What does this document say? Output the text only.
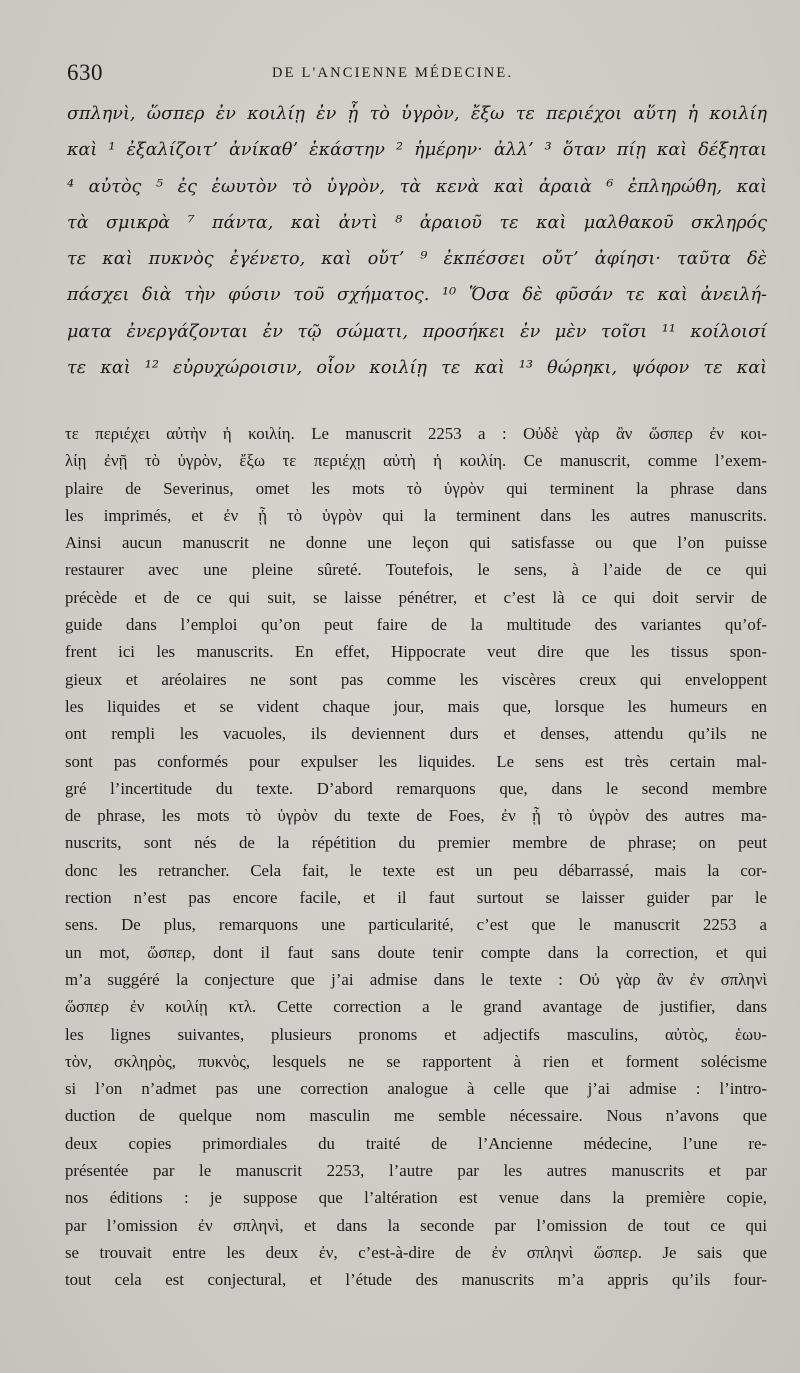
630	DE L'ANCIENNE MÉDECINE.
σπληνὶ, ὥσπερ ἐν κοιλίῃ ἐν ᾗ τὸ ὑγρὸν, ἔξω τε περιέχοι αὕτη ἡ κοιλίη
καὶ ¹ ἐξαλίζοιτ’ ἀνίκαθ’ ἑκάστην ² ἡμέρην· ἀλλ’ ³ ὅταν πίῃ καὶ δέξηται
⁴ αὐτὸς ⁵ ἐς ἑωυτὸν τὸ ὑγρὸν, τὰ κενὰ καὶ ἀραιὰ ⁶ ἐπληρώθη, καὶ
τὰ σμικρὰ ⁷ πάντα, καὶ ἀντὶ ⁸ ἀραιοῦ τε καὶ μαλθακοῦ σκληρός
τε καὶ πυκνὸς ἐγένετο, καὶ οὔτ’ ⁹ ἐκπέσσει οὔτ’ ἀφίησι· ταῦτα δὲ
πάσχει διὰ τὴν φύσιν τοῦ σχήματος. ¹⁰ Ὅσα δὲ φῦσάν τε καὶ ἀνειλή-
ματα ἐνεργάζονται ἐν τῷ σώματι, προσήκει ἐν μὲν τοῖσι ¹¹ κοίλοισί
τε καὶ ¹² εὐρυχώροισιν, οἷον κοιλίῃ τε καὶ ¹³ θώρηκι, ψόφον τε καὶ
τε περιέχει αὐτὴν ἡ κοιλίη. Le manuscrit 2253 a : Οὐδὲ γὰρ ἂν ὥσπερ ἐν κοι-
λίῃ ἐνῇ τὸ ὑγρὸν, ἔξω τε περιέχῃ αὐτὴ ἡ κοιλίη. Ce manuscrit, comme l’exem-
plaire de Severinus, omet les mots τὸ ὑγρὸν qui terminent la phrase dans
les imprimés, et ἐν ᾗ τὸ ὑγρὸν qui la terminent dans les autres manuscrits.
Ainsi aucun manuscrit ne donne une leçon qui satisfasse ou que l’on puisse
restaurer avec une pleine sûreté. Toutefois, le sens, à l’aide de ce qui
précède et de ce qui suit, se laisse pénétrer, et c’est là ce qui doit servir de
guide dans l’emploi qu’on peut faire de la multitude des variantes qu’of-
frent ici les manuscrits. En effet, Hippocrate veut dire que les tissus spon-
gieux et aréolaires ne sont pas comme les viscères creux qui enveloppent
les liquides et se vident chaque jour, mais que, lorsque les humeurs en
ont rempli les vacuoles, ils deviennent durs et denses, attendu qu’ils ne
sont pas conformés pour expulser les liquides. Le sens est très certain mal-
gré l’incertitude du texte. D’abord remarquons que, dans le second membre
de phrase, les mots τὸ ὑγρὸν du texte de Foes, ἐν ᾗ τὸ ὑγρὸν des autres ma-
nuscrits, sont nés de la répétition du premier membre de phrase; on peut
donc les retrancher. Cela fait, le texte est un peu débarrassé, mais la cor-
rection n’est pas encore facile, et il faut surtout se laisser guider par le
sens. De plus, remarquons une particularité, c’est que le manuscrit 2253 a
un mot, ὥσπερ, dont il faut sans doute tenir compte dans la correction, et qui
m’a suggéré la conjecture que j’ai admise dans le texte : Οὐ γὰρ ἂν ἐν σπληνὶ
ὥσπερ ἐν κοιλίῃ κτλ. Cette correction a le grand avantage de justifier, dans
les lignes suivantes, plusieurs pronoms et adjectifs masculins, αὐτὸς, ἑωυ-
τὸν, σκληρὸς, πυκνὸς, lesquels ne se rapportent à rien et forment solécisme
si l’on n’admet pas une correction analogue à celle que j’ai admise : l’intro-
duction de quelque nom masculin me semble nécessaire. Nous n’avons que
deux copies primordiales du traité de l’Ancienne médecine, l’une re-
présentée par le manuscrit 2253, l’autre par les autres manuscrits et par
nos éditions : je suppose que l’altération est venue dans la première copie,
par l’omission ἐν σπληνὶ, et dans la seconde par l’omission de tout ce qui
se trouvait entre les deux ἐν, c’est-à-dire de ἐν σπληνὶ ὥσπερ. Je sais que
tout cela est conjectural, et l’étude des manuscrits m’a appris qu’ils four-
